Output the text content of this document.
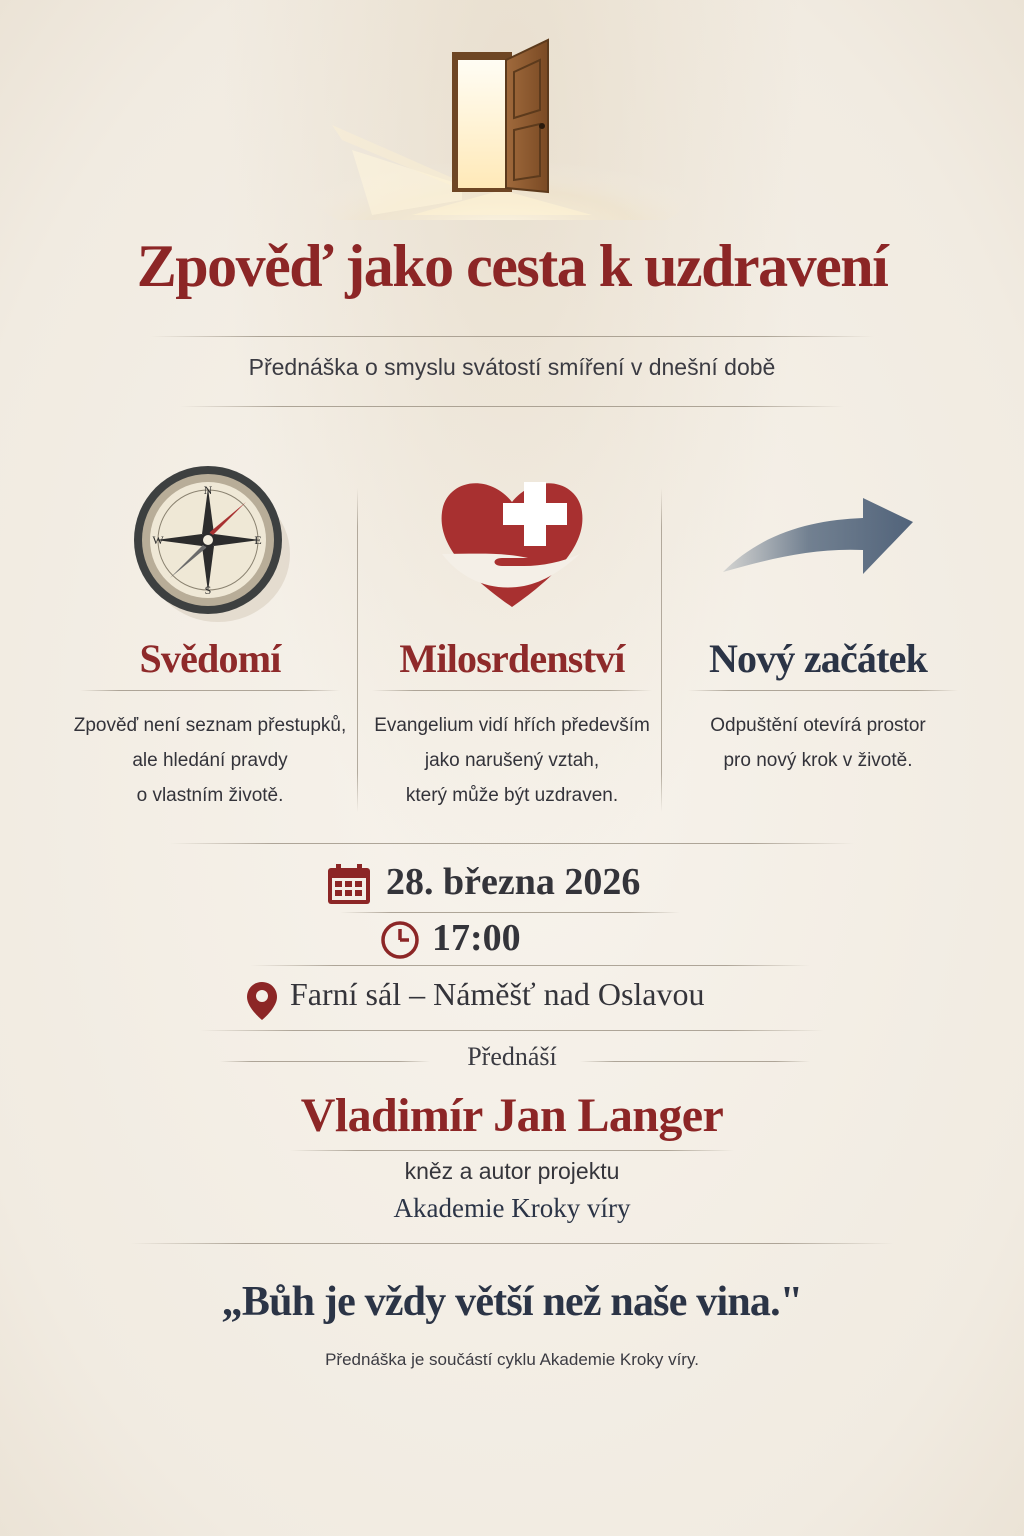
Zpověď jako cesta k uzdravení
Přednáška o smyslu svátostí smíření v dnešní době
N
S
W	E
Svědomí
Zpověď není seznam přestupků,
ale hledání pravdy
o vlastním životě.
Milosrdenství
Evangelium vidí hřích především
jako narušený vztah,
který může být uzdraven.
Nový začátek
Odpuštění otevírá prostor
pro nový krok v životě.
28. března 2026
17:00
Farní sál – Náměšť nad Oslavou
Přednáší
Vladimír Jan Langer
kněz a autor projektu
Akademie Kroky víry
„Bůh je vždy větší než naše vina."
Přednáška je součástí cyklu Akademie Kroky víry.
